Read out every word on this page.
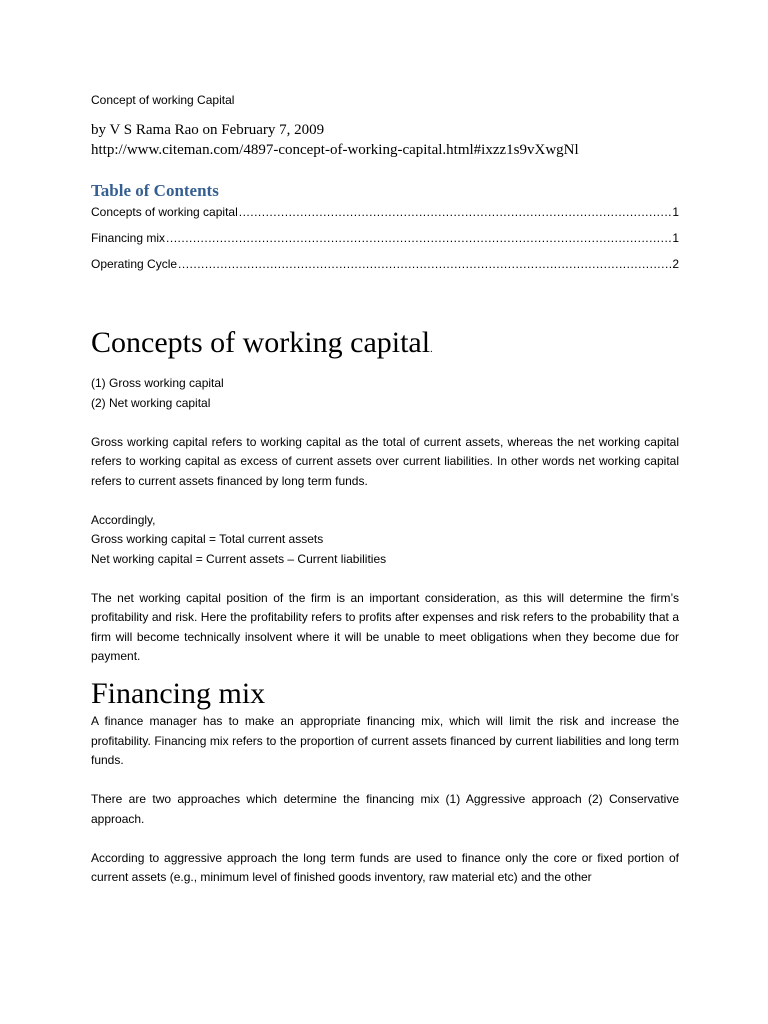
Concept of working Capital

by V S Rama Rao on February 7, 2009
http://www.citeman.com/4897-concept-of-working-capital.html#ixzz1s9vXwgNl
Table of Contents
Concepts of working capital .....	1
Financing mix .....	1
Operating Cycle .....	2
Concepts of working capital.

(1) Gross working capital

(2) Net working capital

Gross working capital refers to working capital as the total of current assets, whereas the net working capital refers to working capital as excess of current assets over current liabilities. In other words net working capital refers to current assets financed by long term funds.

Accordingly,

Gross working capital = Total current assets

Net working capital = Current assets – Current liabilities

The net working capital position of the firm is an important consideration, as this will determine the firm’s profitability and risk. Here the profitability refers to profits after expenses and risk refers to the probability that a firm will become technically insolvent where it will be unable to meet obligations when they become due for payment.

Financing mix

A finance manager has to make an appropriate financing mix, which will limit the risk and increase the profitability. Financing mix refers to the proportion of current assets financed by current liabilities and long term funds.

There are two approaches which determine the financing mix (1) Aggressive approach (2) Conservative approach.

According to aggressive approach the long term funds are used to finance only the core or fixed portion of current assets (e.g., minimum level of finished goods inventory, raw material etc) and the other
